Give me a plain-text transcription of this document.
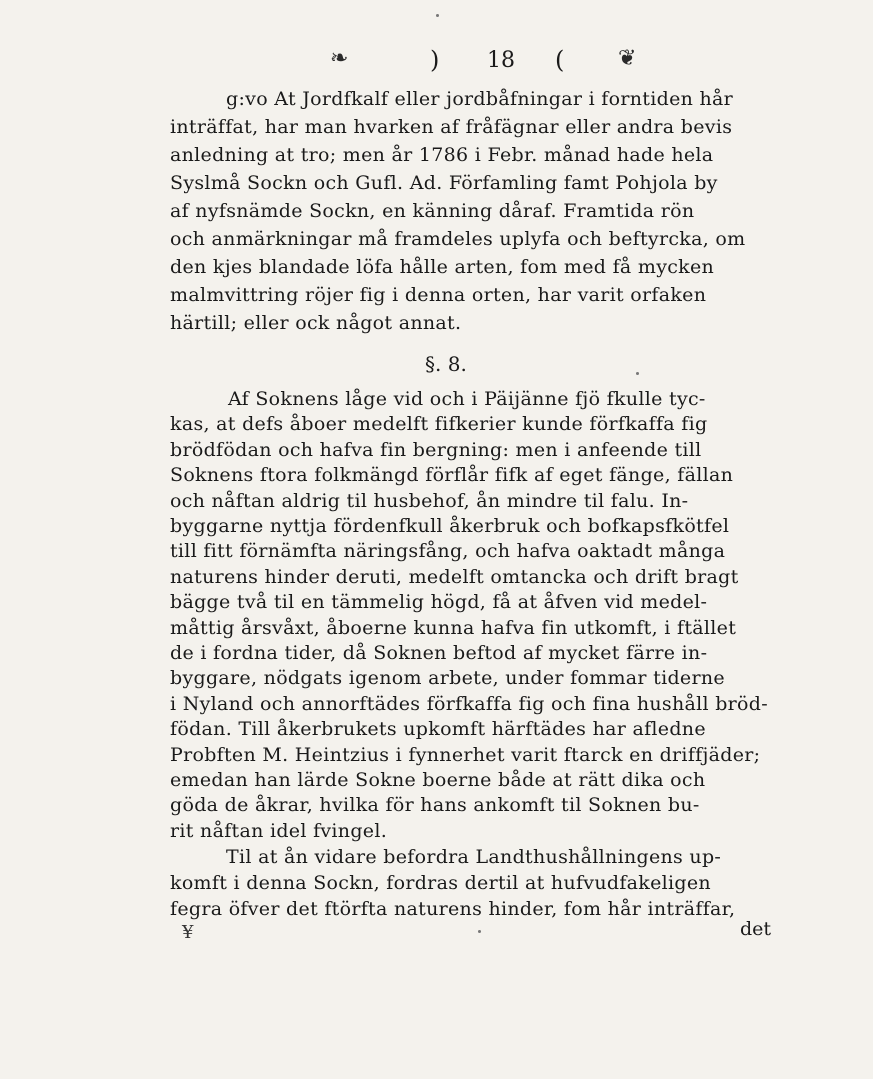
❧	) 18 ( ❦
g:vo At Jordfkalf eller jordbåfningar i forntiden hår
inträffat, har man hvarken af fråfägnar eller andra bevis
anledning at tro; men år 1786 i Febr. månad hade hela
Syslmå Sockn och Gufl. Ad. Förfamling famt Pohjola by
af nyfsnämde Sockn, en känning dåraf. Framtida rön
och anmärkningar må framdeles uplyfa och beftyrcka, om
den kjes blandade löfa hålle arten, fom med få mycken
malmvittring röjer fig i denna orten, har varit orfaken
härtill; eller ock något annat.
§. 8.
Af Soknens låge vid och i Päijänne fjö fkulle tyc-
kas, at defs åboer medelft fifkerier kunde förfkaffa fig
brödfödan och hafva fin bergning: men i anfeende till
Soknens ftora folkmängd förflår fifk af eget fänge, fällan
och nåftan aldrig til husbehof, ån mindre til falu. In-
byggarne nyttja fördenfkull åkerbruk och bofkapsfkötfel
till fitt förnämfta näringsfång, och hafva oaktadt många
naturens hinder deruti, medelft omtancka och drift bragt
bägge två til en tämmelig högd, få at åfven vid medel-
måttig årsvåxt, åboerne kunna hafva fin utkomft, i ftället
de i fordna tider, då Soknen beftod af mycket färre in-
byggare, nödgats igenom arbete, under fommar tiderne
i Nyland och annorftädes förfkaffa fig och fina hushåll bröd-
födan. Till åkerbrukets upkomft härftädes har afledne
Probften M. Heintzius i fynnerhet varit ftarck en driffjäder;
emedan han lärde Sokne boerne både at rätt dika och
göda de åkrar, hvilka för hans ankomft til Soknen bu-
rit nåftan idel fvingel.
Til at ån vidare befordra Landthushållningens up-
komft i denna Sockn, fordras dertil at hufvudfakeligen
fegra öfver det ftörfta naturens hinder, fom hår inträffar,
¥	det
